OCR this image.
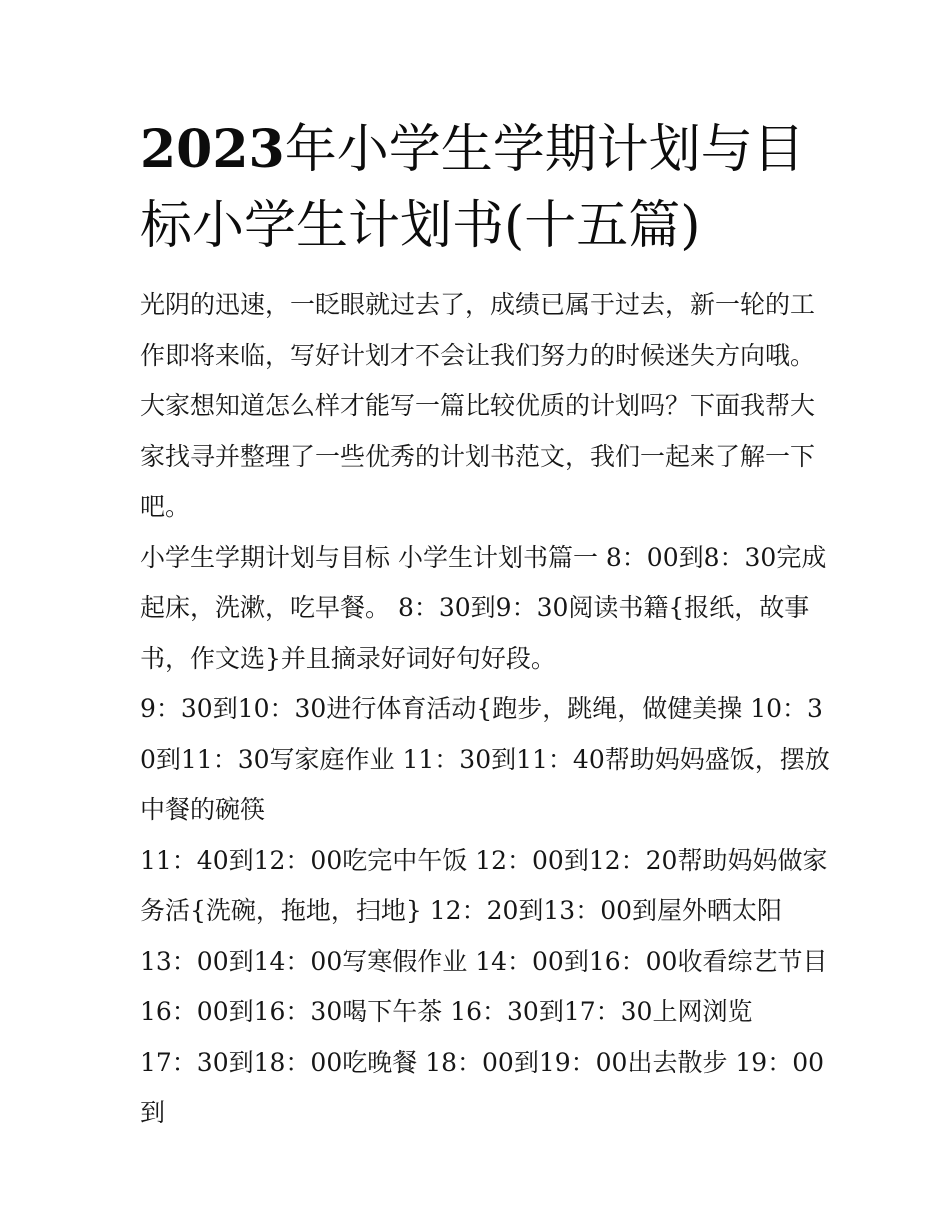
2023年小学生学期计划与目标小学生计划书(十五篇)

光阴的迅速，一眨眼就过去了，成绩已属于过去，新一轮的工作即将来临，写好计划才不会让我们努力的时候迷失方向哦。大家想知道怎么样才能写一篇比较优质的计划吗？下面我帮大家找寻并整理了一些优秀的计划书范文，我们一起来了解一下吧。

小学生学期计划与目标 小学生计划书篇一 8：00到8：30完成起床，洗漱，吃早餐。 8：30到9：30阅读书籍{报纸，故事书，作文选}并且摘录好词好句好段。

9：30到10：30进行体育活动{跑步，跳绳，做健美操 10：30到11：30写家庭作业 11：30到11：40帮助妈妈盛饭，摆放中餐的碗筷

11：40到12：00吃完中午饭 12：00到12：20帮助妈妈做家务活{洗碗，拖地，扫地} 12：20到13：00到屋外晒太阳

13：00到14：00写寒假作业 14：00到16：00收看综艺节目

16：00到16：30喝下午茶 16：30到17：30上网浏览

17：30到18：00吃晚餐 18：00到19：00出去散步 19：00到
